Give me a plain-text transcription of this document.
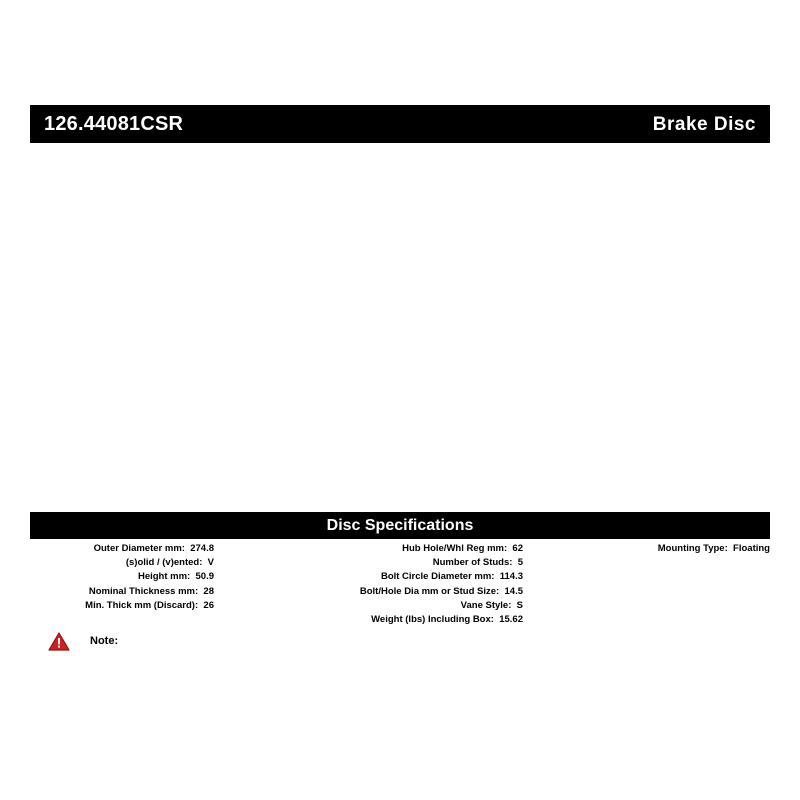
126.44081CSR	Brake Disc
Disc Specifications
Outer Diameter mm:  274.8
(s)olid / (v)ented:  V
Height mm:  50.9
Nominal Thickness mm:  28
Min. Thick mm (Discard):  26
Hub Hole/Whl Reg mm:  62
Number of Studs:  5
Bolt Circle Diameter mm:  114.3
Bolt/Hole Dia mm or Stud Size:  14.5
Vane Style:  S
Weight (lbs) Including Box:  15.62
Mounting Type:  Floating
Note:
